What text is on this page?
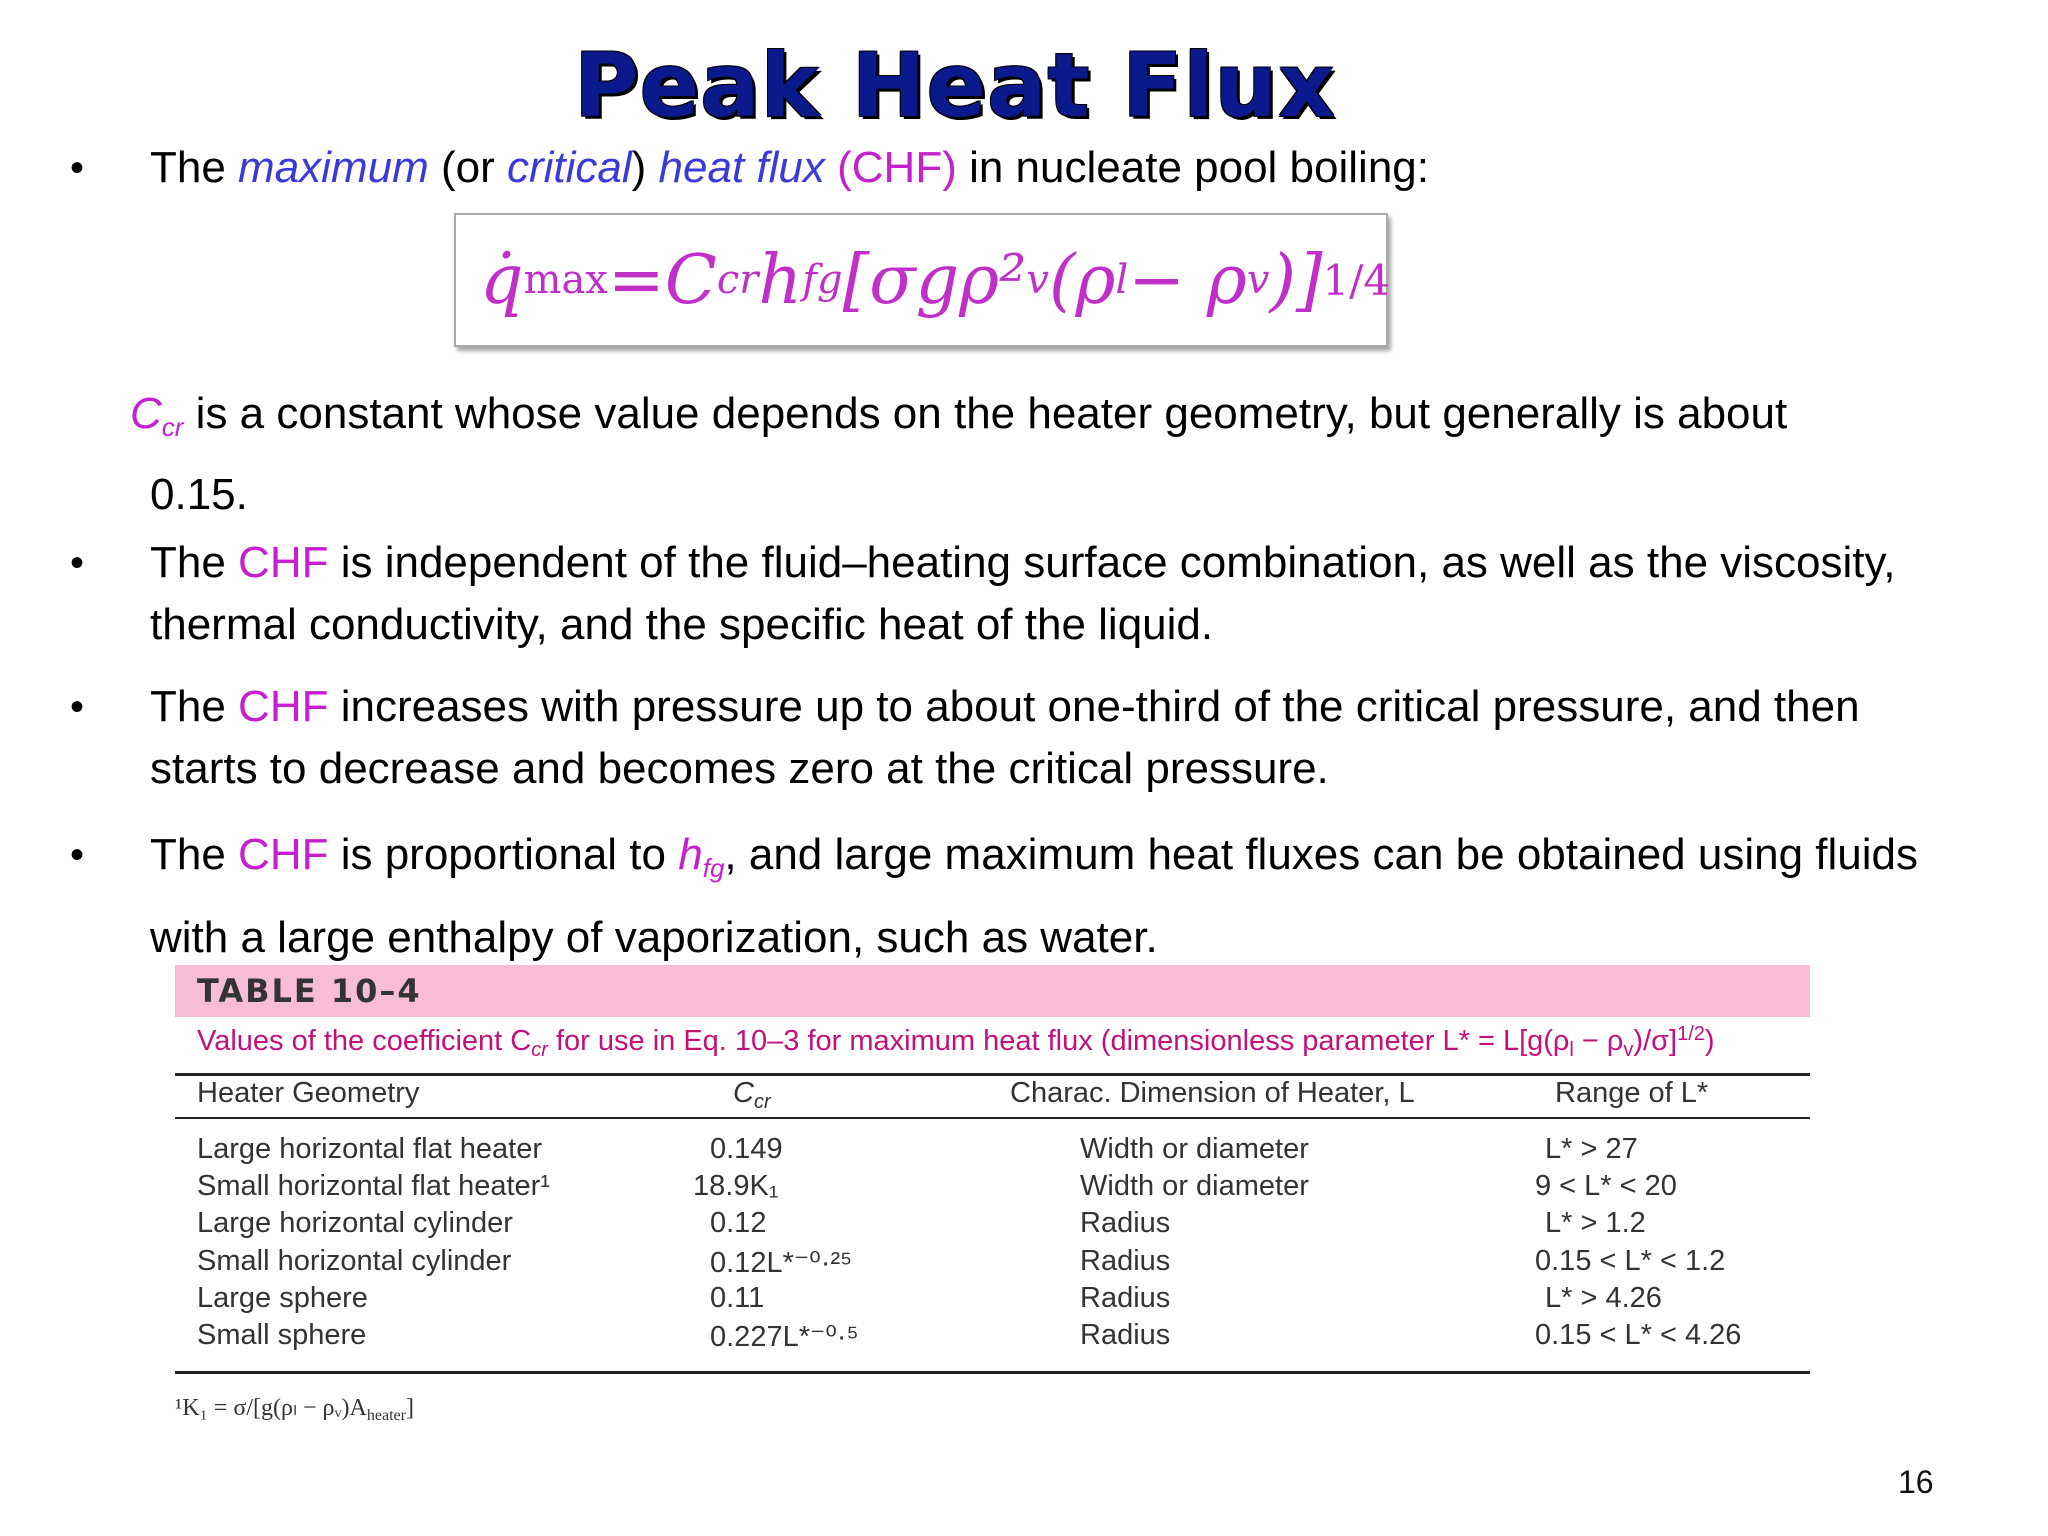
Peak Heat Flux
• The maximum (or critical) heat flux (CHF) in nucleate pool boiling:
q̇ max = C cr h fg [σgρ² v (ρ l − ρ v )] 1/4
$C_{cr}$ is a constant whose value depends on the heater geometry, but generally is about
0.15.
• The CHF is independent of the fluid–heating surface combination, as well as the viscosity, thermal conductivity, and the specific heat of the liquid.
• The CHF increases with pressure up to about one-third of the critical pressure, and then starts to decrease and becomes zero at the critical pressure.
• The CHF is proportional to $h_{fg}$, and large maximum heat fluxes can be obtained using fluids with a large enthalpy of vaporization, such as water.
TABLE 10–4
Values of the coefficient $C_{cr}$ for use in Eq. 10–3 for maximum heat flux (dimensionless parameter $L* = L[g(\rho_l - \rho_v)/\sigma]^{1/2}$)
Heater Geometry	$C_{cr}$	Charac. Dimension of Heater, L	Range of L*
Large horizontal flat heater	0.149	Width or diameter	L* > 27
Small horizontal flat heater¹	18.9K₁	Width or diameter	9 < L* < 20
Large horizontal cylinder	0.12	Radius	L* > 1.2
Small horizontal cylinder	0.12L*⁻⁰·²⁵	Radius	0.15 < L* < 1.2
Large sphere	0.11	Radius	L* > 4.26
Small sphere	0.227L*⁻⁰·⁵	Radius	0.15 < L* < 4.26
$^1K_1 = \sigma/[g(\rho_l - \rho ᵥ)A_{heater}]$
16
